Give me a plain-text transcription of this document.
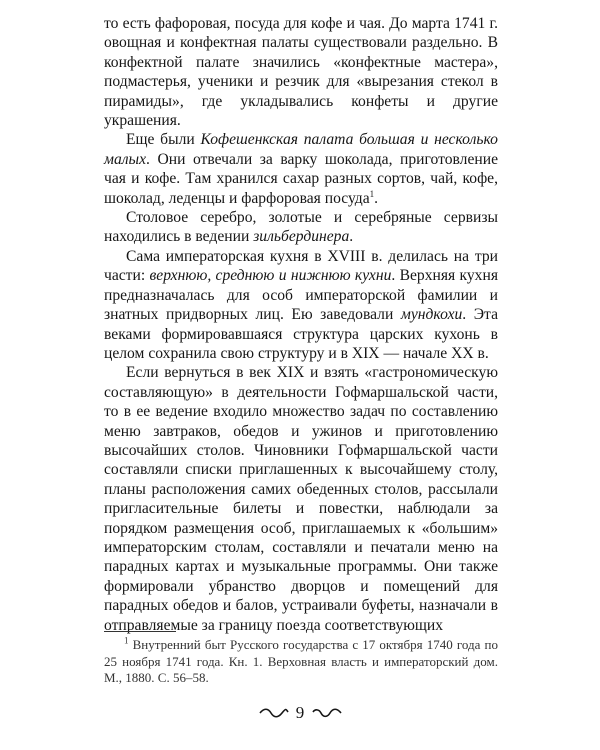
то есть фафоровая, посуда для кофе и чая. До марта 1741 г. овощная и конфектная палаты существовали раздельно. В конфектной палате значились «конфектные мастера», подмастерья, ученики и резчик для «вырезания стекол в пирамиды», где укладывались конфеты и другие украшения.

Еще были Кофешенкская палата большая и несколько малых. Они отвечали за варку шоколада, приготовление чая и кофе. Там хранился сахар разных сортов, чай, кофе, шоколад, леденцы и фарфоровая посуда$^1$.

Столовое серебро, золотые и серебряные сервизы находились в ведении зильбердинера.

Сама императорская кухня в XVIII в. делилась на три части: верхнюю, среднюю и нижнюю кухни. Верхняя кухня предназначалась для особ императорской фамилии и знатных придворных лиц. Ею заведовали мундкохи. Эта веками формировавшаяся структура царских кухонь в целом сохранила свою структуру и в XIX — начале XX в.

Если вернуться в век XIX и взять «гастрономическую составляющую» в деятельности Гофмаршальской части, то в ее ведение входило множество задач по составлению меню завтраков, обедов и ужинов и приготовлению высочайших столов. Чиновники Гофмаршальской части составляли списки приглашенных к высочайшему столу, планы расположения самих обеденных столов, рассылали пригласительные билеты и повестки, наблюдали за порядком размещения особ, приглашаемых к «большим» императорским столам, составляли и печатали меню на парадных картах и музыкальные программы. Они также формировали убранство дворцов и помещений для парадных обедов и балов, устраивали буфеты, назначали в отправляемые за границу поезда соответствующих

$^1$ Внутренний быт Русского государства с 17 октября 1740 года по 25 ноября 1741 года. Кн. 1. Верховная власть и императорский дом. М., 1880. С. 56–58.

9
